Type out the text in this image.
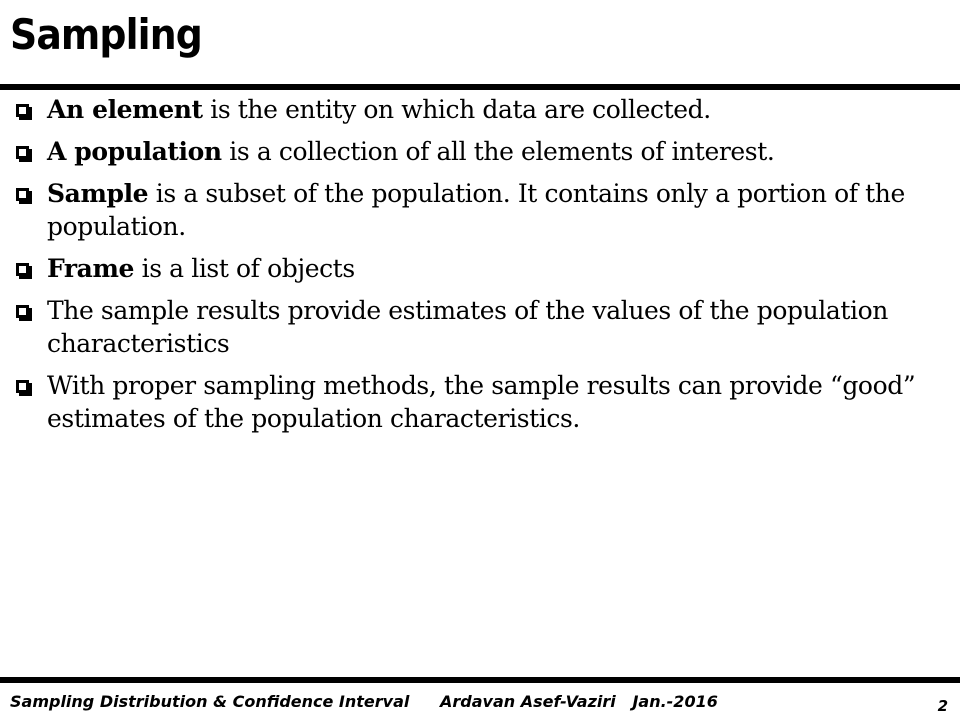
Sampling
An element is the entity on which data are collected.
A population is a collection of all the elements of interest.
Sample is a subset of the population. It contains only a portion of the population.
Frame is a list of objects
The sample results provide estimates of the values of the population characteristics
With proper sampling methods, the sample results can provide “good” estimates of the population characteristics.
Sampling Distribution & Confidence Interval Ardavan Asef-Vaziri   Jan.-2016	2
